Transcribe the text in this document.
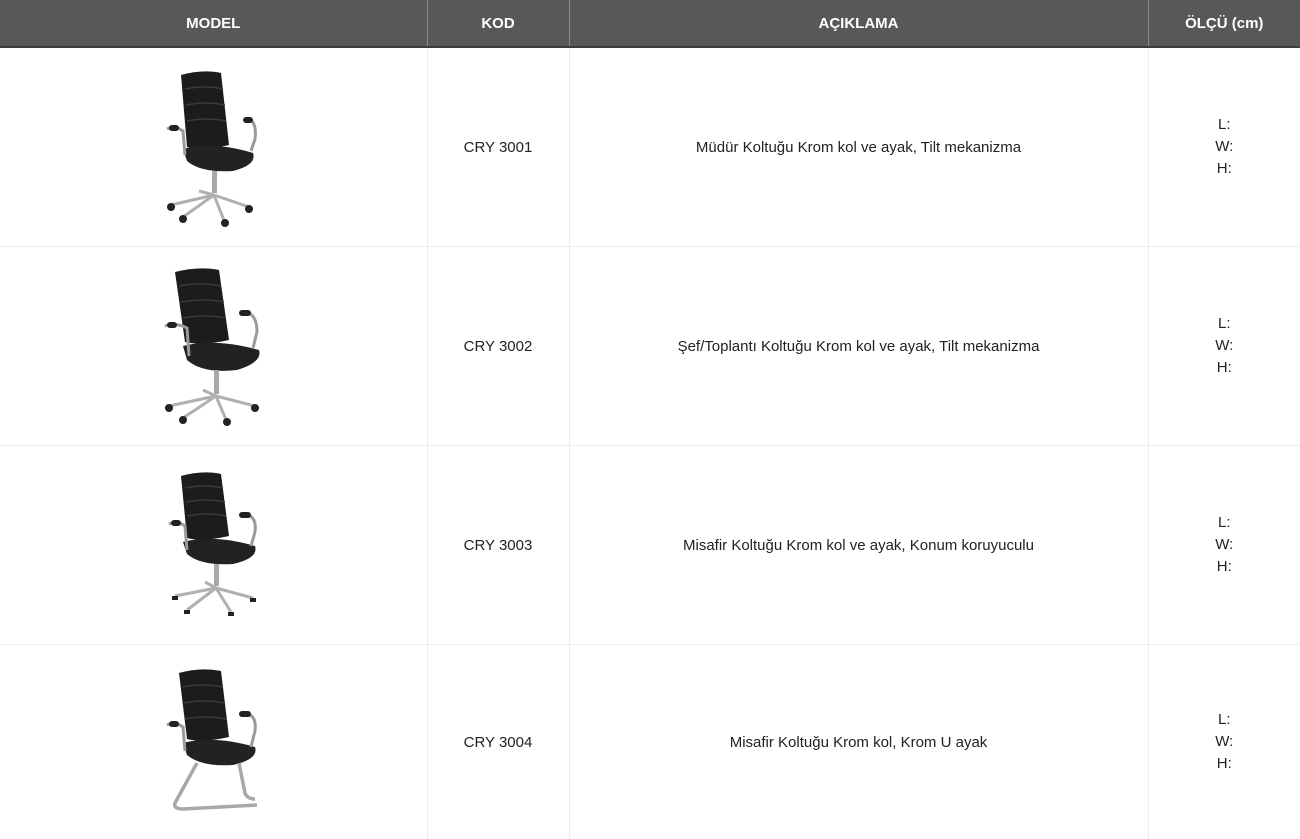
MODEL	KOD	AÇIKLAMA	ÖLÇÜ (cm)

	CRY 3001	Müdür Koltuğu Krom kol ve ayak, Tilt mekanizma	L:
W:
H:

	CRY 3002	Şef/Toplantı Koltuğu Krom kol ve ayak, Tilt mekanizma	L:
W:
H:

	CRY 3003	Misafir Koltuğu Krom kol ve ayak, Konum koruyuculu	L:
W:
H:

	CRY 3004	Misafir Koltuğu Krom kol, Krom U ayak	L:
W:
H:
